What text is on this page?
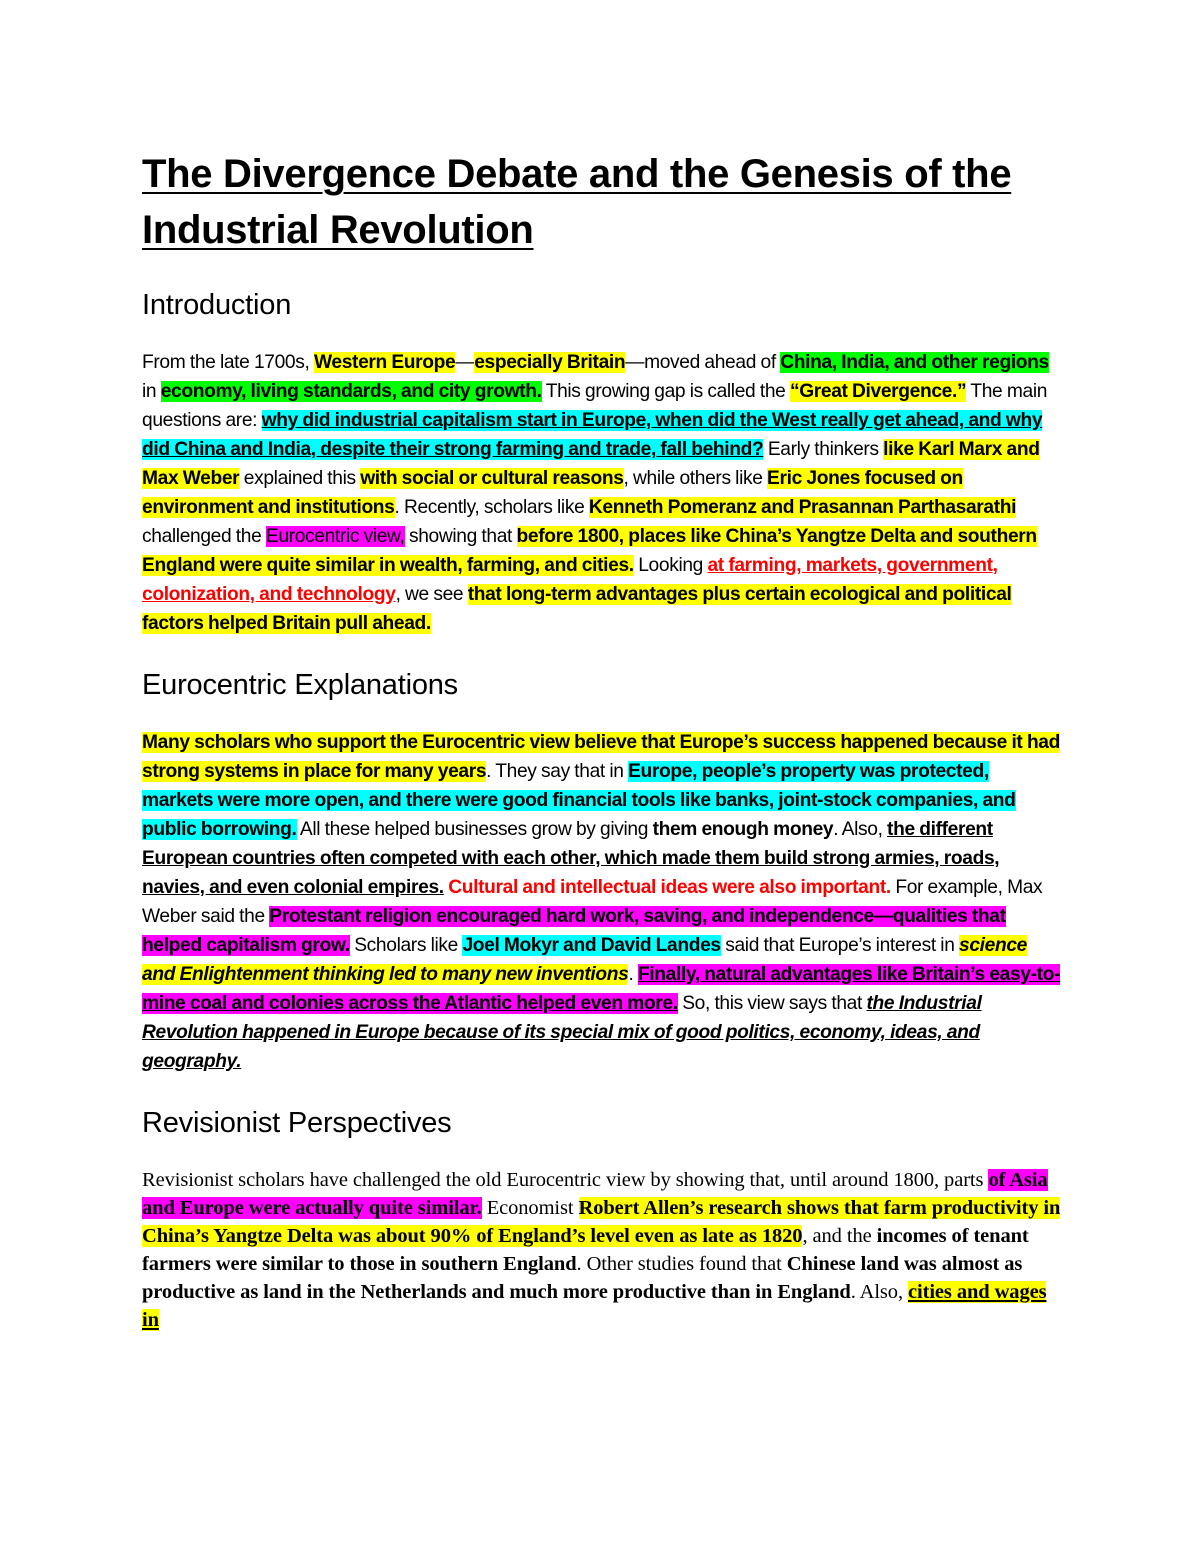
The Divergence Debate and the Genesis of the Industrial Revolution
Introduction

From the late 1700s, Western Europe—especially Britain—moved ahead of China, India, and other regions in economy, living standards, and city growth. This growing gap is called the “Great Divergence.” The main questions are: why did industrial capitalism start in Europe, when did the West really get ahead, and why did China and India, despite their strong farming and trade, fall behind? Early thinkers like Karl Marx and Max Weber explained this with social or cultural reasons, while others like Eric Jones focused on environment and institutions. Recently, scholars like Kenneth Pomeranz and Prasannan Parthasarathi challenged the Eurocentric view, showing that before 1800, places like China’s Yangtze Delta and southern England were quite similar in wealth, farming, and cities. Looking at farming, markets, government, colonization, and technology, we see that long-term advantages plus certain ecological and political factors helped Britain pull ahead.

Eurocentric Explanations

Many scholars who support the Eurocentric view believe that Europe’s success happened because it had strong systems in place for many years. They say that in Europe, people’s property was protected, markets were more open, and there were good financial tools like banks, joint-stock companies, and public borrowing. All these helped businesses grow by giving them enough money. Also, the different European countries often competed with each other, which made them build strong armies, roads, navies, and even colonial empires. Cultural and intellectual ideas were also important. For example, Max Weber said the Protestant religion encouraged hard work, saving, and independence—qualities that helped capitalism grow. Scholars like Joel Mokyr and David Landes said that Europe’s interest in science and Enlightenment thinking led to many new inventions. Finally, natural advantages like Britain’s easy-to-mine coal and colonies across the Atlantic helped even more. So, this view says that the Industrial Revolution happened in Europe because of its special mix of good politics, economy, ideas, and geography.

Revisionist Perspectives

Revisionist scholars have challenged the old Eurocentric view by showing that, until around 1800, parts of Asia and Europe were actually quite similar. Economist Robert Allen’s research shows that farm productivity in China’s Yangtze Delta was about 90% of England’s level even as late as 1820, and the incomes of tenant farmers were similar to those in southern England. Other studies found that Chinese land was almost as productive as land in the Netherlands and much more productive than in England. Also, cities and wages in
